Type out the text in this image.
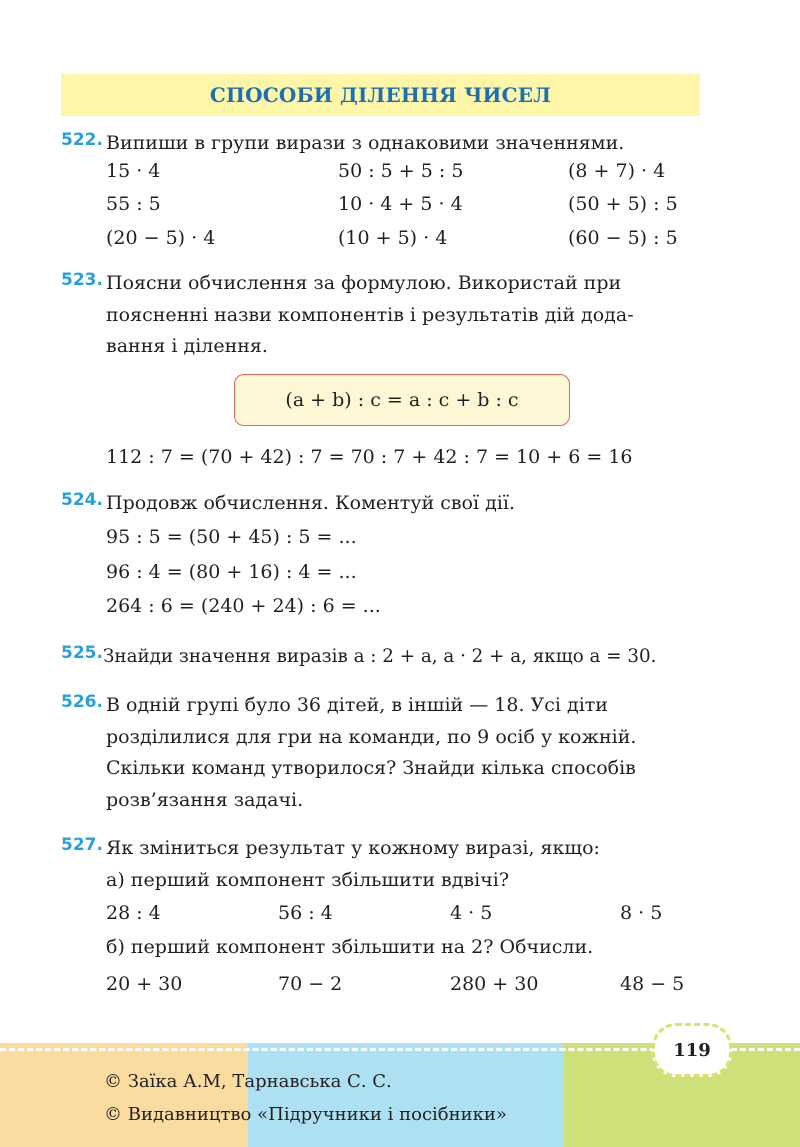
СПОСОБИ ДІЛЕННЯ ЧИСЕЛ
522. Випиши в групи вирази з однаковими значеннями.
15 · 4	50 : 5 + 5 : 5	(8 + 7) · 4
55 : 5	10 · 4 + 5 · 4	(50 + 5) : 5
(20 − 5) · 4	(10 + 5) · 4	(60 − 5) : 5
523. Поясни обчислення за формулою. Використай при
поясненні назви компонентів і результатів дій дода-
вання і ділення.
(a + b) : c = a : c + b : c
112 : 7 = (70 + 42) : 7 = 70 : 7 + 42 : 7 = 10 + 6 = 16
524. Продовж обчислення. Коментуй свої дії.
95 : 5 = (50 + 45) : 5 = ...
96 : 4 = (80 + 16) : 4 = ...
264 : 6 = (240 + 24) : 6 = ...
525. Знайди значення виразів a : 2 + a, a · 2 + a, якщо a = 30.
526. В одній групі було 36 дітей, в іншій — 18. Усі діти
розділилися для гри на команди, по 9 осіб у кожній.
Скільки команд утворилося? Знайди кілька способів
розв’язання задачі.
527. Як зміниться результат у кожному виразі, якщо:
а) перший компонент збільшити вдвічі?
28 : 4	56 : 4	4 · 5	8 · 5
б) перший компонент збільшити на 2? Обчисли.
20 + 30	70 − 2	280 + 30	48 − 5
119
© Заїка А.М, Тарнавська С. С.
© Видавництво «Підручники і посібники»
